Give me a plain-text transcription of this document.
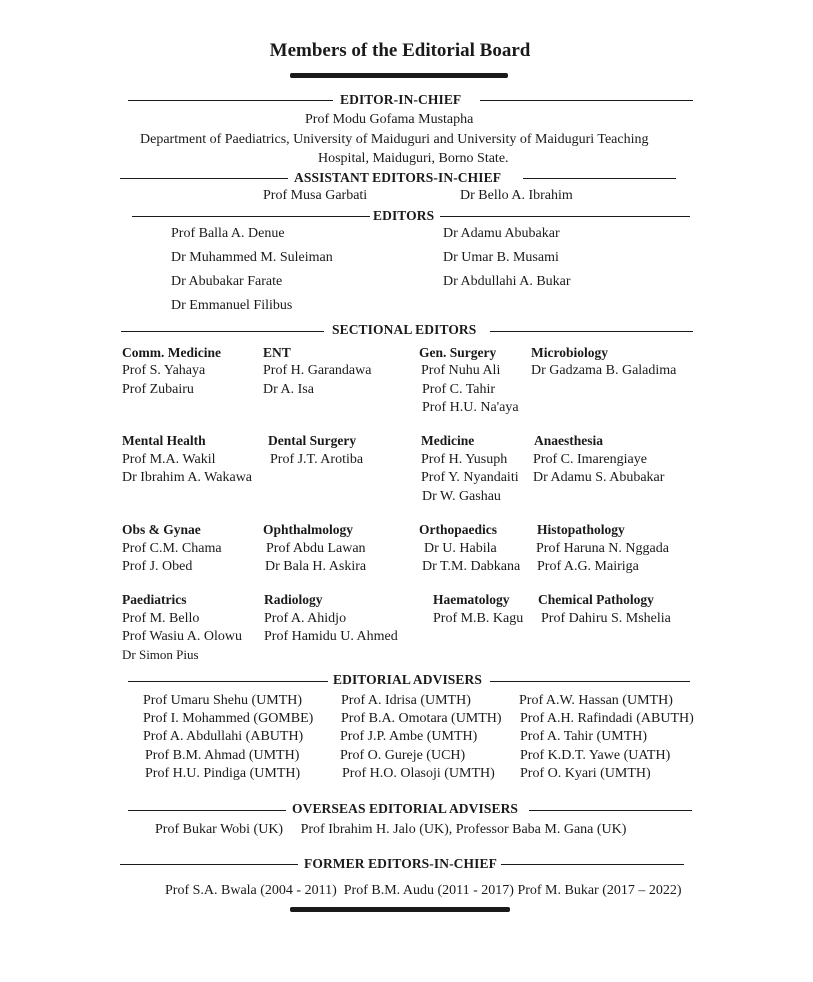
Members of the Editorial Board
EDITOR-IN-CHIEF
Prof Modu Gofama Mustapha
Department of Paediatrics, University of Maiduguri and University of Maiduguri Teaching
Hospital, Maiduguri, Borno State.
ASSISTANT EDITORS-IN-CHIEF
Prof Musa Garbati	Dr Bello A. Ibrahim
EDITORS
Prof Balla A. Denue
Dr Muhammed M. Suleiman
Dr Abubakar Farate
Dr Emmanuel Filibus
Dr Adamu Abubakar
Dr Umar B. Musami
Dr Abdullahi A. Bukar
SECTIONAL EDITORS
Comm. Medicine
Prof S. Yahaya
Prof Zubairu
ENT
Prof H. Garandawa
Dr A. Isa
Gen. Surgery
Prof Nuhu Ali
Prof C. Tahir
Prof H.U. Na'aya
Microbiology
Dr Gadzama B. Galadima
Mental Health
Prof M.A. Wakil
Dr Ibrahim A. Wakawa
Dental Surgery
Prof J.T. Arotiba
Medicine
Prof H. Yusuph
Prof Y. Nyandaiti
Dr W. Gashau
Anaesthesia
Prof C. Imarengiaye
Dr Adamu S. Abubakar
Obs & Gynae
Prof C.M. Chama
Prof J. Obed
Ophthalmology
Prof Abdu Lawan
Dr Bala H. Askira
Orthopaedics
Dr U. Habila
Dr T.M. Dabkana
Histopathology
Prof Haruna N. Nggada
Prof A.G. Mairiga
Paediatrics
Prof M. Bello
Prof Wasiu A. Olowu
Dr Simon Pius
Radiology
Prof A. Ahidjo
Prof Hamidu U. Ahmed
Haematology
Prof M.B. Kagu
Chemical Pathology
Prof Dahiru S. Mshelia
EDITORIAL ADVISERS
Prof Umaru Shehu (UMTH)
Prof I. Mohammed (GOMBE)
Prof A. Abdullahi (ABUTH)
Prof B.M. Ahmad (UMTH)
Prof H.U. Pindiga (UMTH)
Prof A. Idrisa (UMTH)
Prof B.A. Omotara (UMTH)
Prof J.P. Ambe (UMTH)
Prof O. Gureje (UCH)
Prof H.O. Olasoji (UMTH)
Prof A.W. Hassan (UMTH)
Prof A.H. Rafindadi (ABUTH)
Prof A. Tahir (UMTH)
Prof K.D.T. Yawe (UATH)
Prof O. Kyari (UMTH)
OVERSEAS EDITORIAL ADVISERS
Prof Bukar Wobi (UK)     Prof Ibrahim H. Jalo (UK), Professor Baba M. Gana (UK)
FORMER EDITORS-IN-CHIEF
Prof S.A. Bwala (2004 - 2011)  Prof B.M. Audu (2011 - 2017) Prof M. Bukar (2017 – 2022)
